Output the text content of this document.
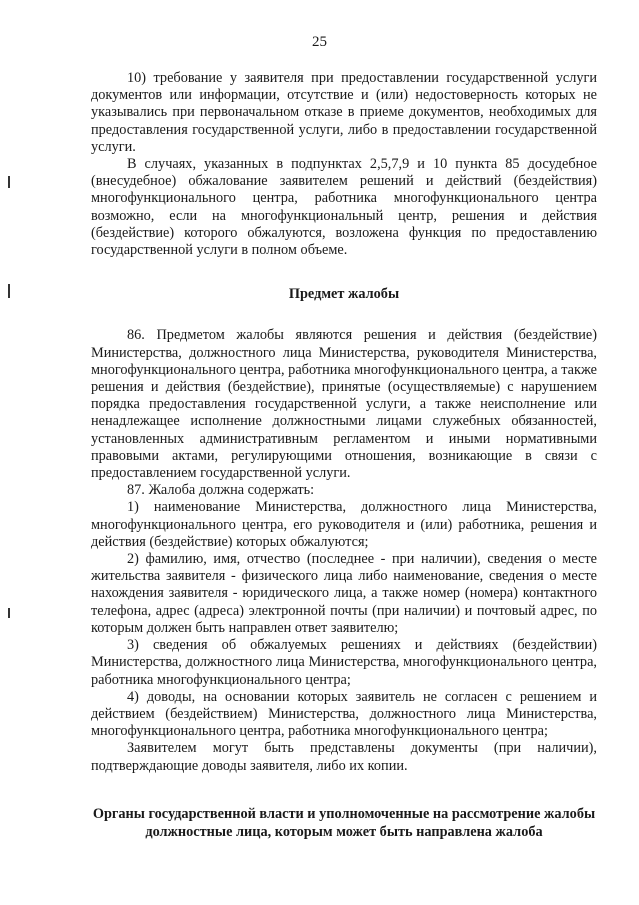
25

10) требование у заявителя при предоставлении государственной услуги документов или информации, отсутствие и (или) недостоверность которых не указывались при первоначальном отказе в приеме документов, необходимых для предоставления государственной услуги, либо в предоставлении государственной услуги.

В случаях, указанных в подпунктах 2,5,7,9 и 10 пункта 85 досудебное (внесудебное) обжалование заявителем решений и действий (бездействия) многофункционального центра, работника многофункционального центра возможно, если на многофункциональный центр, решения и действия (бездействие) которого обжалуются, возложена функция по предоставлению государственной услуги в полном объеме.

Предмет жалобы

86. Предметом жалобы являются решения и действия (бездействие) Министерства, должностного лица Министерства, руководителя Министерства, многофункционального центра, работника многофункционального центра, а также решения и действия (бездействие), принятые (осуществляемые) с нарушением порядка предоставления государственной услуги, а также неисполнение или ненадлежащее исполнение должностными лицами служебных обязанностей, установленных административным регламентом и иными нормативными правовыми актами, регулирующими отношения, возникающие в связи с предоставлением государственной услуги.

87. Жалоба должна содержать:

1) наименование Министерства, должностного лица Министерства, многофункционального центра, его руководителя и (или) работника, решения и действия (бездействие) которых обжалуются;

2) фамилию, имя, отчество (последнее - при наличии), сведения о месте жительства заявителя - физического лица либо наименование, сведения о месте нахождения заявителя - юридического лица, а также номер (номера) контактного телефона, адрес (адреса) электронной почты (при наличии) и почтовый адрес, по которым должен быть направлен ответ заявителю;

3) сведения об обжалуемых решениях и действиях (бездействии) Министерства, должностного лица Министерства, многофункционального центра, работника многофункционального центра;

4) доводы, на основании которых заявитель не согласен с решением и действием (бездействием) Министерства, должностного лица Министерства, многофункционального центра, работника многофункционального центра;

Заявителем могут быть представлены документы (при наличии), подтверждающие доводы заявителя, либо их копии.

Органы государственной власти и уполномоченные на рассмотрение жалобы должностные лица, которым может быть направлена жалоба
